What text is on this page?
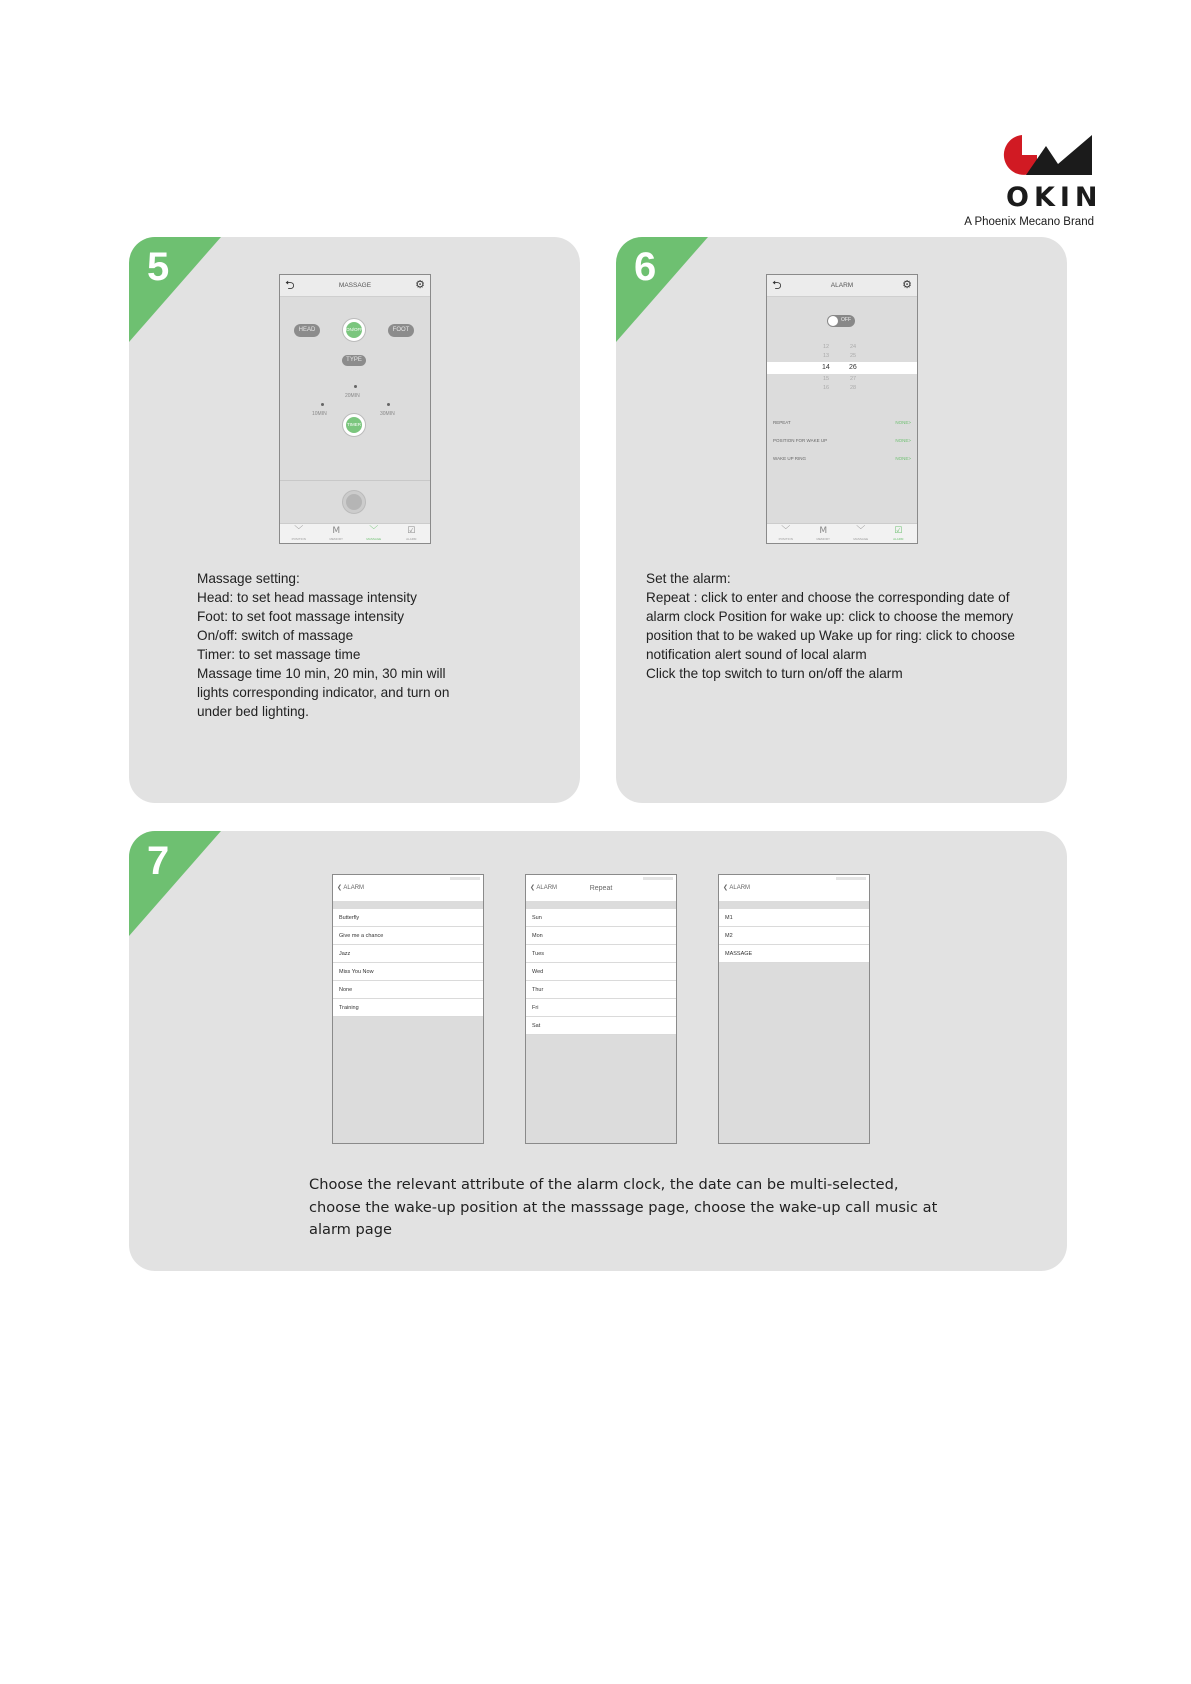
OKIN
A Phoenix Mecano Brand
5	⮌	MASSAGE	⚙
HEAD	ON/OFF	FOOT
TYPE
20MIN
10MIN	30MIN
TIMER
﹀
POSITION
M
MEMORY
﹀
MASSAGE
☑
ALARM
Massage setting:
Head: to set head massage intensity
Foot: to set foot massage intensity
On/off: switch of massage
Timer: to set massage time
Massage time 10 min, 20 min, 30 min will
lights corresponding indicator, and turn on
under bed lighting.
6	⮌	ALARM	⚙
OFF
12	24
13	25
14	26
15	27
16	28
REPEAT	NONE>
POSITION FOR WAKE UP	NONE>
WAKE UP RING	NONE>
﹀
POSITION
M
MEMORY
﹀
MASSAGE
☑
ALARM
Set the alarm:
Repeat : click to enter and choose the corresponding date of
alarm clock Position for wake up: click to choose the memory
position that to be waked up Wake up for ring: click to choose
notification alert sound of local alarm
Click the top switch to turn on/off the alarm
7
❮ ALARM
Butterfly
Give me a chance
Jazz
Miss You Now
None
Training
❮ ALARM	Repeat
Sun
Mon
Tues
Wed
Thur
Fri
Sat
❮ ALARM
M1
M2
MASSAGE
Choose the relevant attribute of the alarm clock, the date can be multi-selected,
choose the wake-up position at the masssage page, choose the wake-up call music at
alarm page
